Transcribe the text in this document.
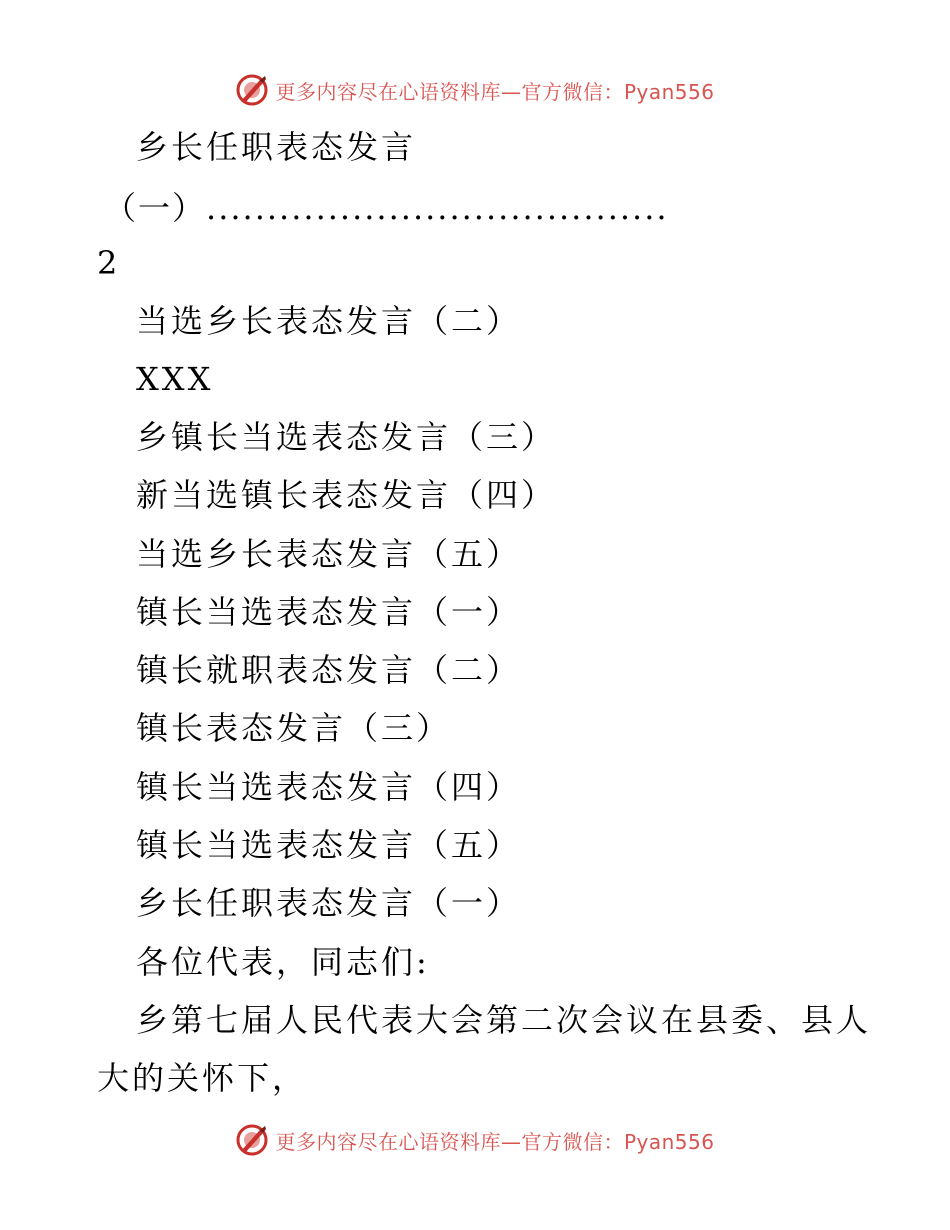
更多内容尽在心语资料库—官方微信：Pyan556
乡长任职表态发言
（一）......................................
2
当选乡长表态发言（二）
XXX
乡镇长当选表态发言（三）
新当选镇长表态发言（四）
当选乡长表态发言（五）
镇长当选表态发言（一）
镇长就职表态发言（二）
镇长表态发言（三）
镇长当选表态发言（四）
镇长当选表态发言（五）
乡长任职表态发言（一）
各位代表，同志们:
乡第七届人民代表大会第二次会议在县委、县人
大的关怀下，
更多内容尽在心语资料库—官方微信：Pyan556
